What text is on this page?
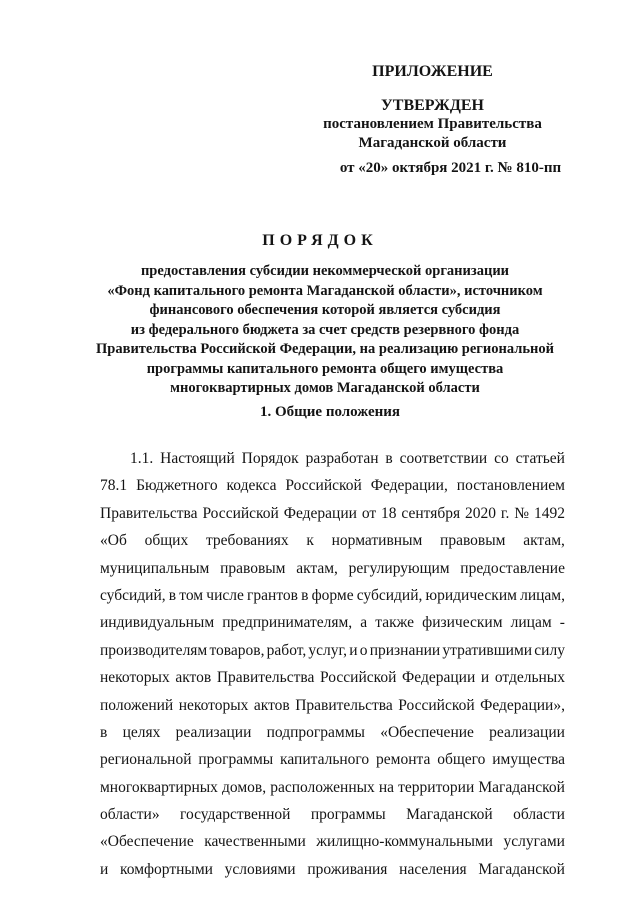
ПРИЛОЖЕНИЕ
УТВЕРЖДЕН
постановлением Правительства
Магаданской области
от «20» октября 2021 г. № 810-пп
ПОРЯДОК
предоставления субсидии некоммерческой организации
«Фонд капитального ремонта Магаданской области», источником
финансового обеспечения которой является субсидия
из федерального бюджета за счет средств резервного фонда
Правительства Российской Федерации, на реализацию региональной
программы капитального ремонта общего имущества
многоквартирных домов Магаданской области
1. Общие положения
1.1. Настоящий Порядок разработан в соответствии со статьей
78.1 Бюджетного кодекса Российской Федерации, постановлением
Правительства Российской Федерации от 18 сентября 2020 г. № 1492
«Об общих требованиях к нормативным правовым актам,
муниципальным правовым актам, регулирующим предоставление
субсидий, в том числе грантов в форме субсидий, юридическим лицам,
индивидуальным предпринимателям, а также физическим лицам -
производителям товаров, работ, услуг, и о признании утратившими силу
некоторых актов Правительства Российской Федерации и отдельных
положений некоторых актов Правительства Российской Федерации»,
в целях реализации подпрограммы «Обеспечение реализации
региональной программы капитального ремонта общего имущества
многоквартирных домов, расположенных на территории Магаданской
области» государственной программы Магаданской области
«Обеспечение качественными жилищно-коммунальными услугами
и комфортными условиями проживания населения Магаданской
